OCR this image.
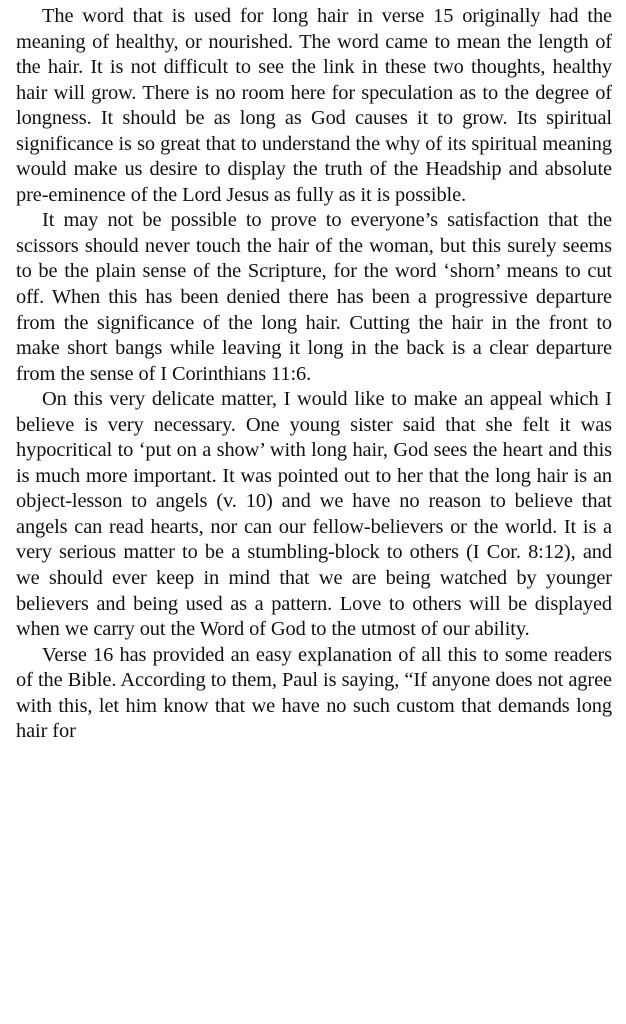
The word that is used for long hair in verse 15 originally had the meaning of healthy, or nourished. The word came to mean the length of the hair. It is not difficult to see the link in these two thoughts, healthy hair will grow. There is no room here for speculation as to the degree of longness. It should be as long as God causes it to grow. Its spiritual significance is so great that to understand the why of its spiritual meaning would make us desire to display the truth of the Headship and absolute pre-eminence of the Lord Jesus as fully as it is possible.

It may not be possible to prove to everyone’s satisfaction that the scissors should never touch the hair of the woman, but this surely seems to be the plain sense of the Scripture, for the word ‘shorn’ means to cut off. When this has been denied there has been a progressive departure from the significance of the long hair. Cutting the hair in the front to make short bangs while leaving it long in the back is a clear departure from the sense of I Corinthians 11:6.

On this very delicate matter, I would like to make an appeal which I believe is very necessary. One young sister said that she felt it was hypocritical to ‘put on a show’ with long hair, God sees the heart and this is much more important. It was pointed out to her that the long hair is an object-lesson to angels (v. 10) and we have no reason to believe that angels can read hearts, nor can our fellow-believers or the world. It is a very serious matter to be a stumbling-block to others (I Cor. 8:12), and we should ever keep in mind that we are being watched by younger believers and being used as a pattern. Love to others will be displayed when we carry out the Word of God to the utmost of our ability.

Verse 16 has provided an easy explanation of all this to some readers of the Bible. According to them, Paul is saying, “If anyone does not agree with this, let him know that we have no such custom that demands long hair for
